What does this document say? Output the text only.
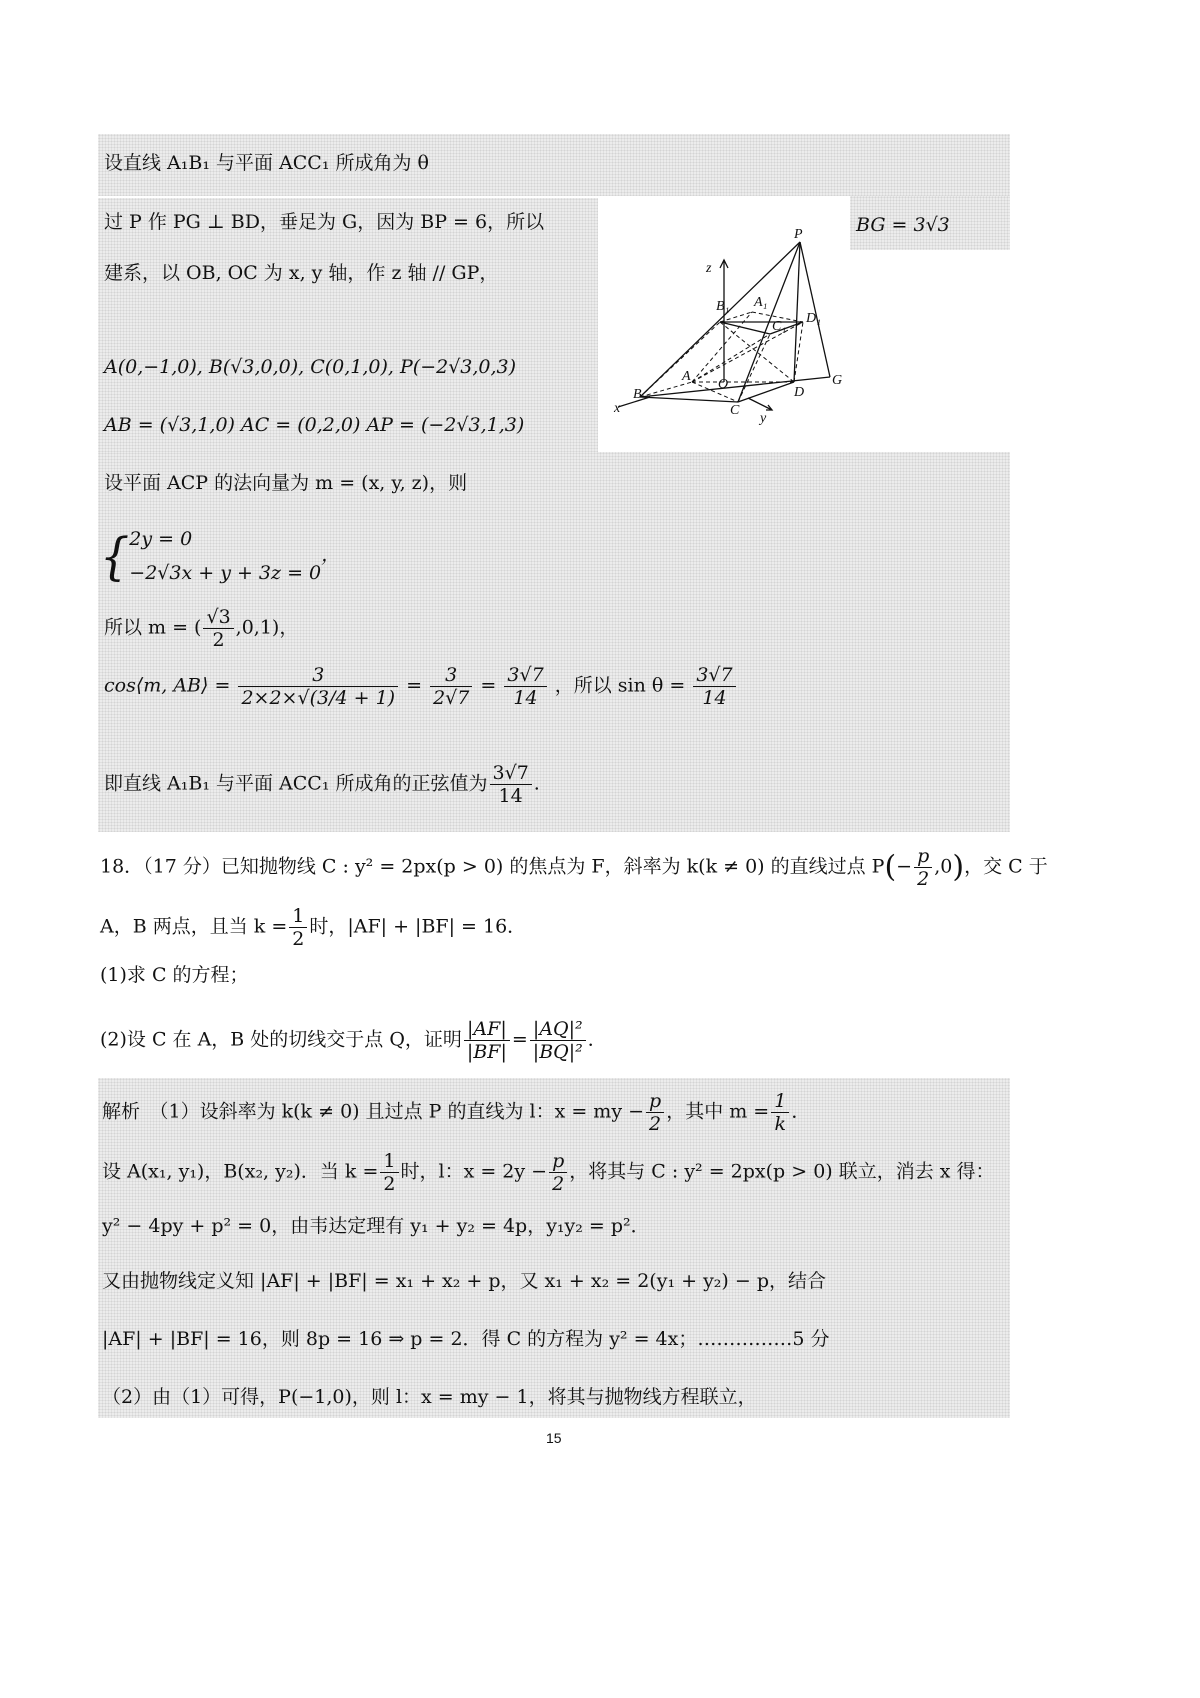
设直线 A₁B₁ 与平面 ACC₁ 所成角为 θ
过 P 作 PG ⊥ BD，垂足为 G，因为 BP = 6，所以	BG = 3√3
建系，以 OB, OC 为 x, y 轴，作 z 轴 // GP，
A(0,−1,0), B(√3,0,0), C(0,1,0), P(−2√3,0,3)
AB = (√3,1,0) AC = (0,2,0) AP = (−2√3,1,3)
设平面 ACP 的法向量为 m = (x, y, z)，则
{ 2y = 0
−2√3x + y + 3z = 0
，
所以 m = ( $\frac{√3}{2} ,0,1$)，
cos⟨m, AB⟩ = $\frac{3}{2\times 2\times√(3/4 + 1)} = \frac{3}{2√7} = \frac{3√7}{14}$ ，所以 $\sin \theta = \frac{3√7}{14}$
即直线 A₁B₁ 与平面 ACC₁ 所成角的正弦值为 $\frac{3√7}{14}$ .
P
z
B₁ A₁
C₁
D₁
A
O
B
C
D
G
x
y
18．（17 分）已知抛物线 C : y² = 2px(p > 0) 的焦点为 F，斜率为 k(k ≠ 0) 的直线过点 $P(- \frac{p}{2} ,0)$，交 C 于
A，B 两点，且当 $k = \frac{1}{2}$ 时，|AF| + |BF| = 16．
(1)求 C 的方程；
(2)设 C 在 A，B 处的切线交于点 Q，证明 $\frac{|AF|}{|BF|} = \frac{\text{|AQ|²}}{\text{|BQ|²}}$ ．
解析　（1）设斜率为 k(k ≠ 0) 且过点 P 的直线为 l：x = my − $\frac{p}{2}$ ，其中 $m = \frac{1}{k}$ ．
设 A(x₁, y₁)，B(x₂, y₂)．当 $k = \frac{1}{2}$ 时，l：$x = 2y - \frac{p}{2}$ ，将其与 C : y² = 2px(p > 0) 联立，消去 x 得：
y² − 4py + p² = 0，由韦达定理有 y₁ + y₂ = 4p，y₁y₂ = p²．
又由抛物线定义知 |AF| + |BF| = x₁ + x₂ + p，又 x₁ + x₂ = 2(y₁ + y₂) − p，结合
|AF| + |BF| = 16，则 8p = 16 ⇒ p = 2．得 C 的方程为 y² = 4x；……………5 分
（2）由（1）可得，P(−1,0)，则 l：x = my − 1，将其与抛物线方程联立，
15
